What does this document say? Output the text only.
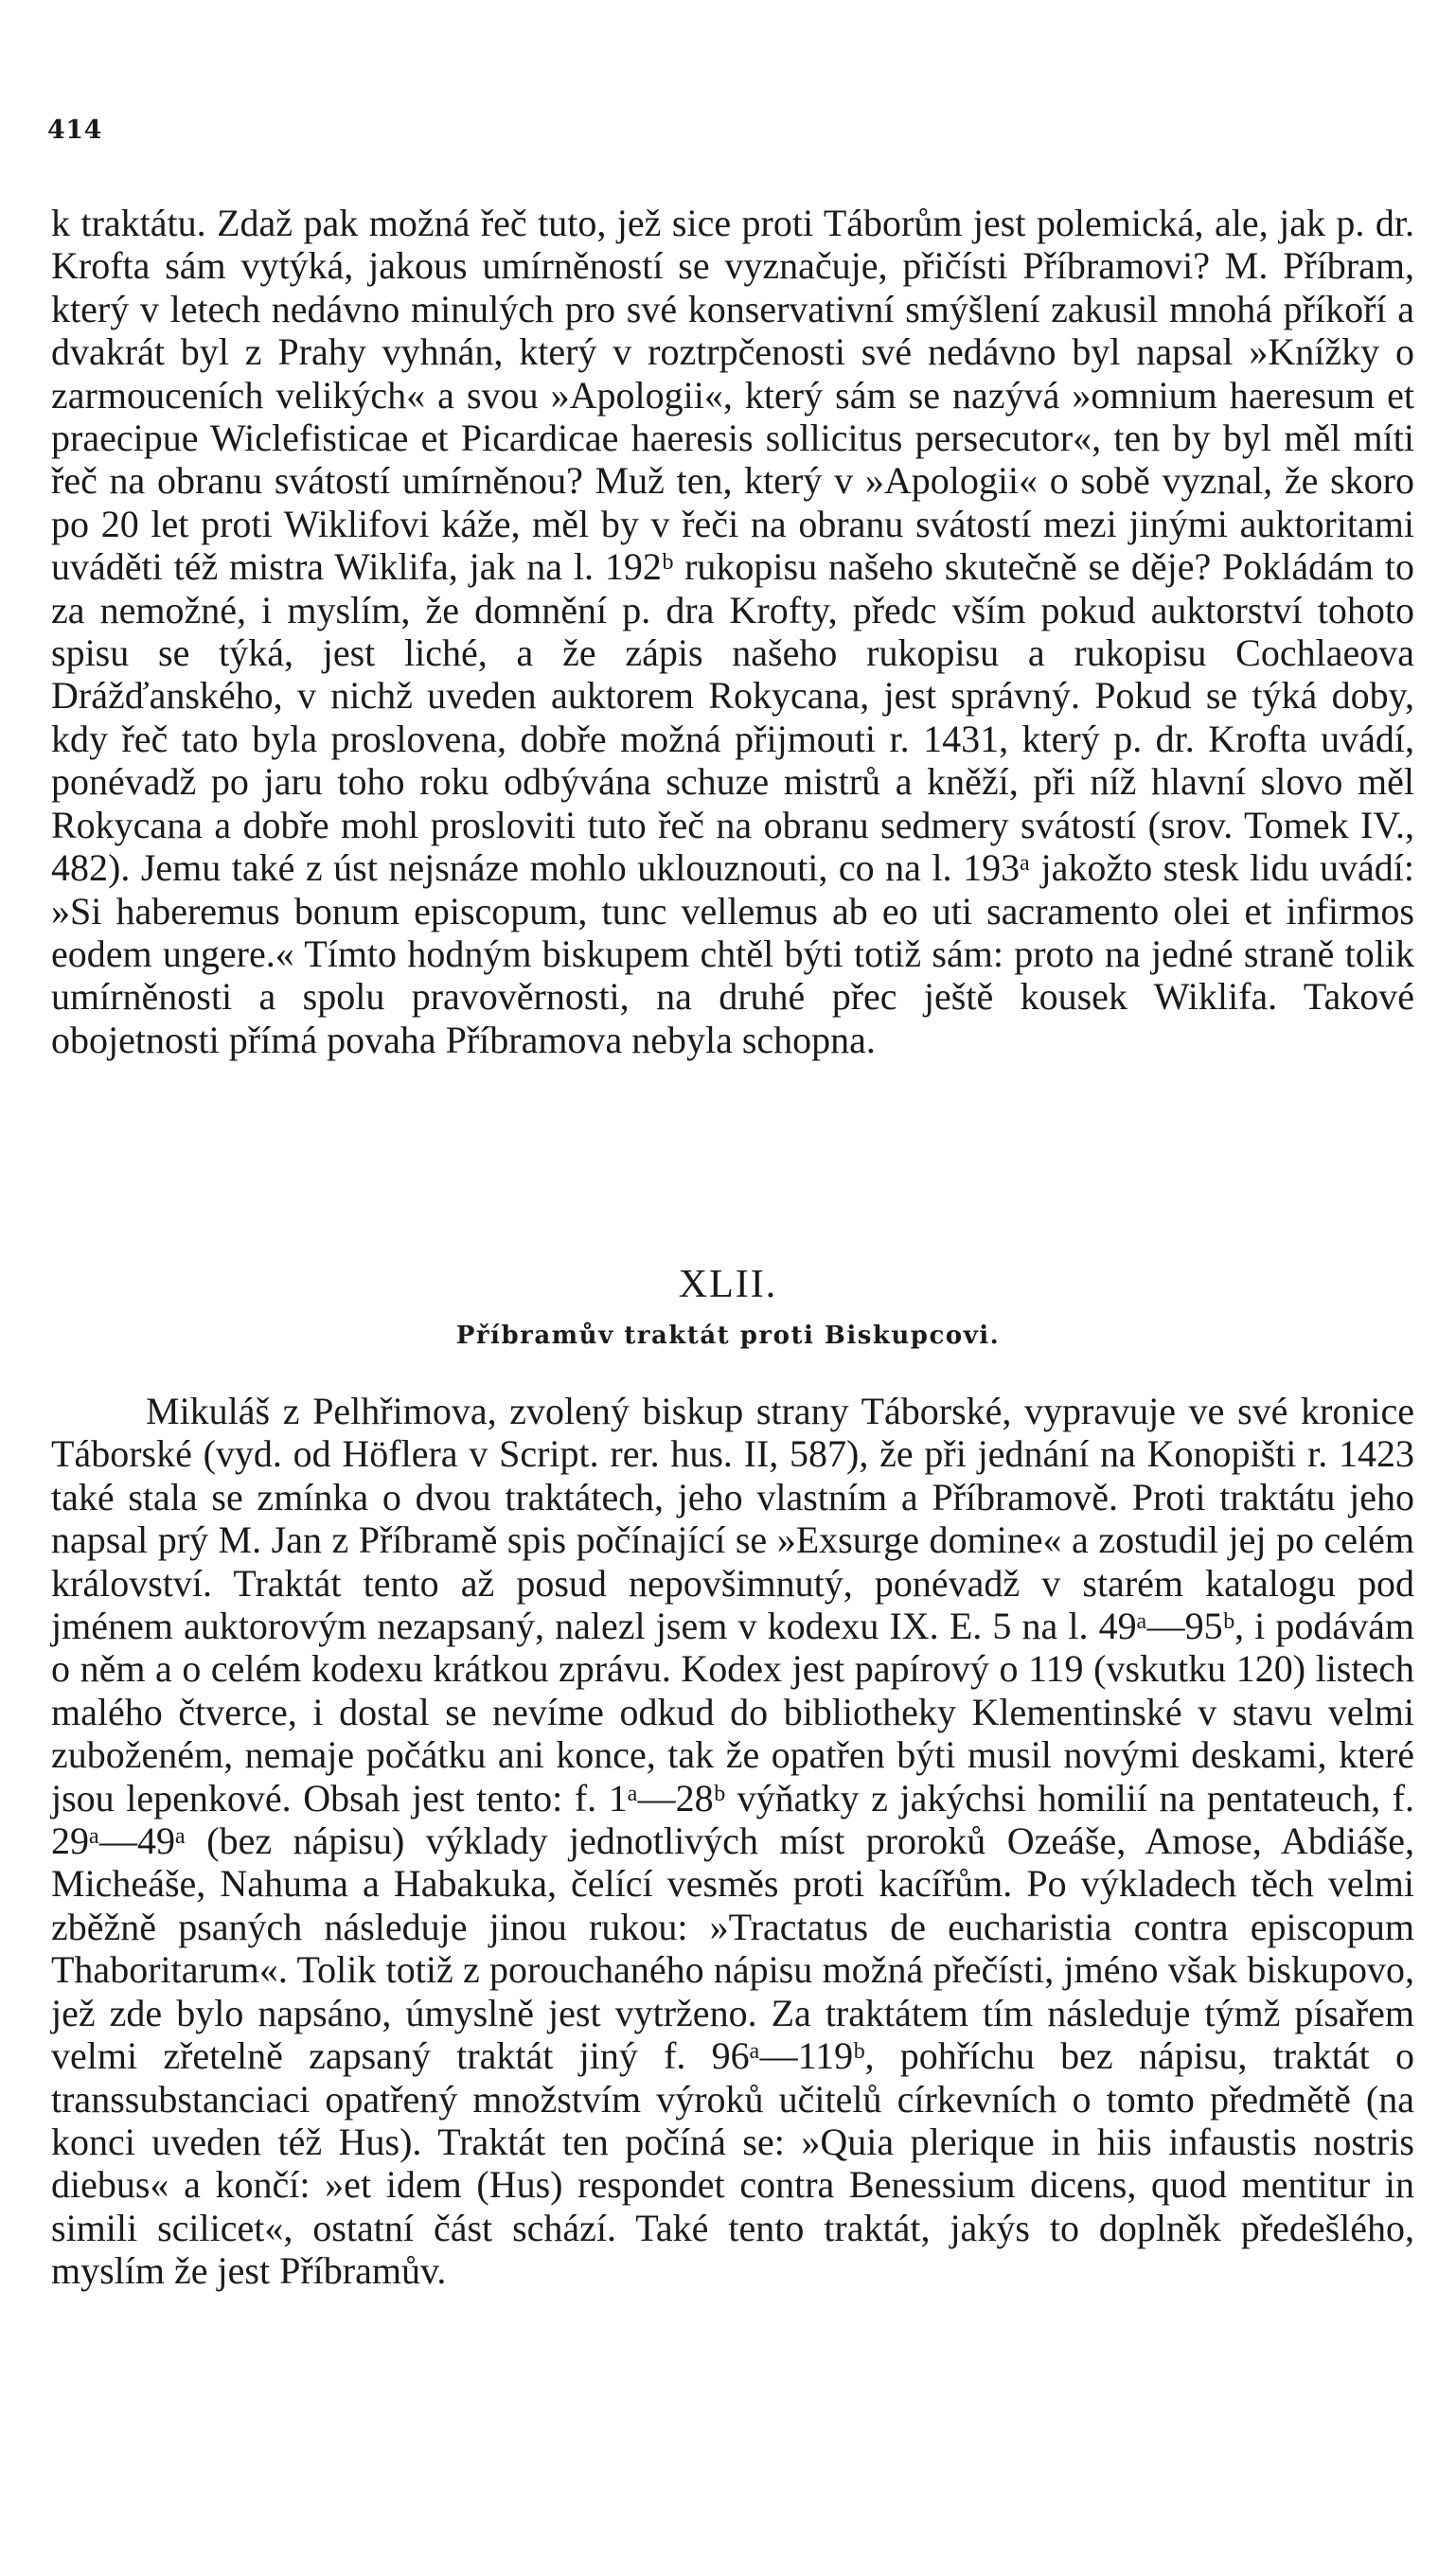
414

k traktátu. Zdaž pak možná řeč tuto, jež sice proti Táborům jest polemická, ale, jak p. dr. Krofta sám vytýká, jakous umírněností se vyznačuje, přičísti Příbramovi? M. Příbram, který v letech nedávno minulých pro své konservativní smýšlení zakusil mnohá příkoří a dvakrát byl z Prahy vyhnán, který v roztrpčenosti své nedávno byl napsal »Knížky o zarmouceních velikých« a svou »Apologii«, který sám se nazývá »omnium haeresum et praecipue Wiclefisticae et Picardicae haeresis sollicitus persecutor«, ten by byl měl míti řeč na obranu svátostí umírněnou? Muž ten, který v »Apologii« o sobě vyznal, že skoro po 20 let proti Wiklifovi káže, měl by v řeči na obranu svátostí mezi jinými auktoritami uváděti též mistra Wiklifa, jak na l. 192ᵇ rukopisu našeho skutečně se děje? Pokládám to za nemožné, i myslím, že domnění p. dra Krofty, předc vším pokud auktorství tohoto spisu se týká, jest liché, a že zápis našeho rukopisu a rukopisu Cochlaeova Drážďanského, v nichž uveden auktorem Rokycana, jest správný. Pokud se týká doby, kdy řeč tato byla proslovena, dobře možná přijmouti r. 1431, který p. dr. Krofta uvádí, ponévadž po jaru toho roku odbývána schuze mistrů a kněží, při níž hlavní slovo měl Rokycana a dobře mohl prosloviti tuto řeč na obranu sedmery svátostí (srov. Tomek IV., 482). Jemu také z úst nejsnáze mohlo uklouznouti, co na l. 193ᵃ jakožto stesk lidu uvádí: »Si haberemus bonum episcopum, tunc vellemus ab eo uti sacramento olei et infirmos eodem ungere.« Tímto hodným biskupem chtěl býti totiž sám: proto na jedné straně tolik umírněnosti a spolu pravověrnosti, na druhé přec ještě kousek Wiklifa. Takové obojetnosti přímá povaha Příbramova nebyla schopna.

XLII.
Příbramův traktát proti Biskupcovi.

Mikuláš z Pelhřimova, zvolený biskup strany Táborské, vypravuje ve své kronice Táborské (vyd. od Höflera v Script. rer. hus. II, 587), že při jednání na Konopišti r. 1423 také stala se zmínka o dvou traktátech, jeho vlastním a Příbramově. Proti traktátu jeho napsal prý M. Jan z Příbramě spis počínající se »Exsurge domine« a zostudil jej po celém království. Traktát tento až posud nepovšimnutý, ponévadž v starém katalogu pod jménem auktorovým nezapsaný, nalezl jsem v kodexu IX. E. 5 na l. 49ᵃ—95ᵇ, i podávám o něm a o celém kodexu krátkou zprávu. Kodex jest papírový o 119 (vskutku 120) listech malého čtverce, i dostal se nevíme odkud do bibliotheky Klementinské v stavu velmi zuboženém, nemaje počátku ani konce, tak že opatřen býti musil novými deskami, které jsou lepenkové. Obsah jest tento: f. 1ᵃ—28ᵇ výňatky z jakýchsi homilií na pentateuch, f. 29ᵃ—49ᵃ (bez nápisu) výklady jednotlivých míst proroků Ozeáše, Amose, Abdiáše, Micheáše, Nahuma a Habakuka, čelící vesměs proti kacířům. Po výkladech těch velmi zběžně psaných následuje jinou rukou: »Tractatus de eucharistia contra episcopum Thaboritarum«. Tolik totiž z porouchaného nápisu možná přečísti, jméno však biskupovo, jež zde bylo napsáno, úmyslně jest vytrženo. Za traktátem tím následuje týmž písařem velmi zřetelně zapsaný traktát jiný f. 96ᵃ—119ᵇ, pohříchu bez nápisu, traktát o transsubstanciaci opatřený množstvím výroků učitelů církevních o tomto předmětě (na konci uveden též Hus). Traktát ten počíná se: »Quia plerique in hiis infaustis nostris diebus« a končí: »et idem (Hus) respondet contra Benessium dicens, quod mentitur in simili scilicet«, ostatní část schází. Také tento traktát, jakýs to doplněk předešlého, myslím že jest Příbramův.
